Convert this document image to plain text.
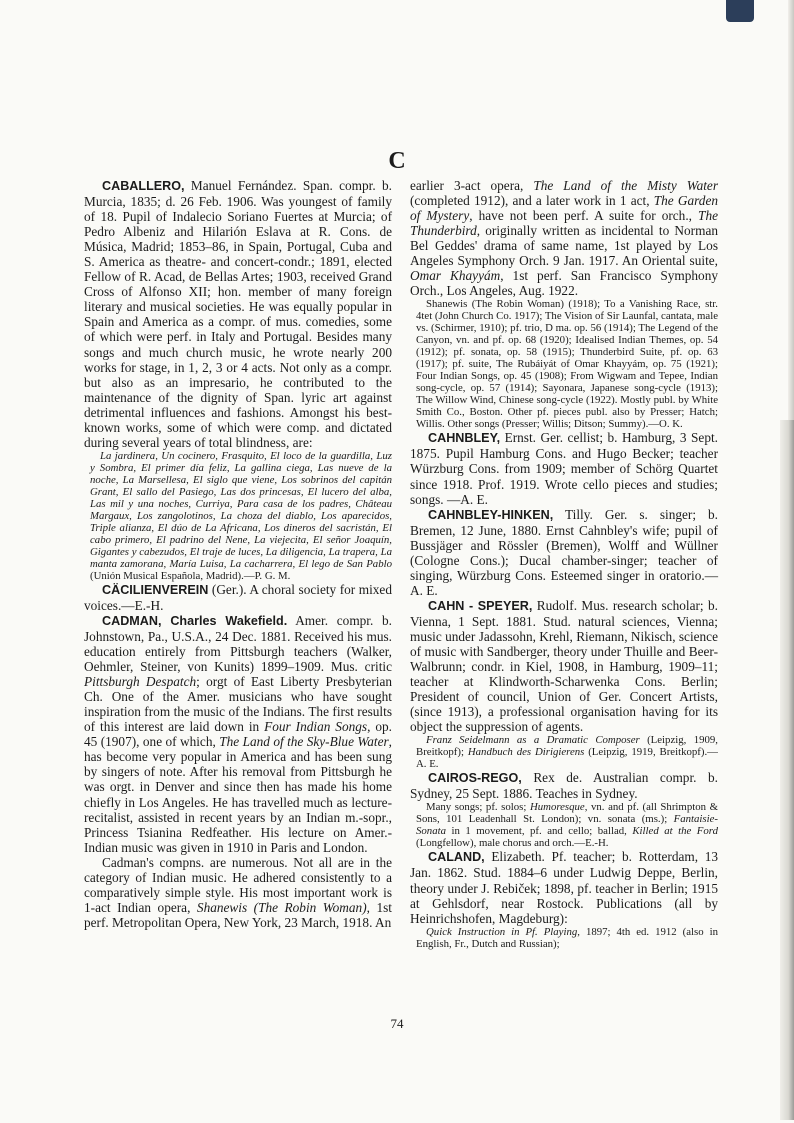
C

CABALLERO, Manuel Fernández. Span. compr. b. Murcia, 1835; d. 26 Feb. 1906. Was youngest of family of 18. Pupil of Indalecio Soriano Fuertes at Murcia; of Pedro Albeniz and Hilarión Eslava at R. Cons. de Música, Madrid; 1853–86, in Spain, Portugal, Cuba and S. America as theatre- and concert-condr.; 1891, elected Fellow of R. Acad, de Bellas Artes; 1903, received Grand Cross of Alfonso XII; hon. member of many foreign literary and musical societies. He was equally popular in Spain and America as a compr. of mus. comedies, some of which were perf. in Italy and Portugal. Besides many songs and much church music, he wrote nearly 200 works for stage, in 1, 2, 3 or 4 acts. Not only as a compr. but also as an impresario, he contributed to the maintenance of the dignity of Span. lyric art against detrimental influences and fashions. Amongst his best-known works, some of which were comp. and dictated during several years of total blindness, are:

La jardinera, Un cocinero, Frasquito, El loco de la guardilla, Luz y Sombra, El primer día feliz, La gallina ciega, Las nueve de la noche, La Marsellesa, El siglo que viene, Los sobrinos del capitán Grant, El sallo del Pasiego, Las dos princesas, El lucero del alba, Las mil y una noches, Curriya, Para casa de los padres, Château Margaux, Los zangolotinos, La choza del diablo, Los aparecidos, Triple alianza, El dúo de La Africana, Los dineros del sacristán, El cabo primero, El padrino del Nene, La viejecita, El señor Joaquín, Gigantes y cabezudos, El traje de luces, La diligencia, La trapera, La manta zamorana, María Luisa, La cacharrera, El lego de San Pablo (Unión Musical Española, Madrid).—P. G. M.

CÄCILIENVEREIN (Ger.). A choral society for mixed voices.—E.-H.

CADMAN, Charles Wakefield. Amer. compr. b. Johnstown, Pa., U.S.A., 24 Dec. 1881. Received his mus. education entirely from Pittsburgh teachers (Walker, Oehmler, Steiner, von Kunits) 1899–1909. Mus. critic Pittsburgh Despatch; orgt of East Liberty Presbyterian Ch. One of the Amer. musicians who have sought inspiration from the music of the Indians. The first results of this interest are laid down in Four Indian Songs, op. 45 (1907), one of which, The Land of the Sky-Blue Water, has become very popular in America and has been sung by singers of note. After his removal from Pittsburgh he was orgt. in Denver and since then has made his home chiefly in Los Angeles. He has travelled much as lecture-recitalist, assisted in recent years by an Indian m.-sopr., Princess Tsianina Redfeather. His lecture on Amer.-Indian music was given in 1910 in Paris and London.

Cadman's compns. are numerous. Not all are in the category of Indian music. He adhered consistently to a comparatively simple style. His most important work is 1-act Indian opera, Shanewis (The Robin Woman), 1st perf. Metropolitan Opera, New York, 23 March, 1918. An

earlier 3-act opera, The Land of the Misty Water (completed 1912), and a later work in 1 act, The Garden of Mystery, have not been perf. A suite for orch., The Thunderbird, originally written as incidental to Norman Bel Geddes' drama of same name, 1st played by Los Angeles Symphony Orch. 9 Jan. 1917. An Oriental suite, Omar Khayyám, 1st perf. San Francisco Symphony Orch., Los Angeles, Aug. 1922.

Shanewis (The Robin Woman) (1918); To a Vanishing Race, str. 4tet (John Church Co. 1917); The Vision of Sir Launfal, cantata, male vs. (Schirmer, 1910); pf. trio, D ma. op. 56 (1914); The Legend of the Canyon, vn. and pf. op. 68 (1920); Idealised Indian Themes, op. 54 (1912); pf. sonata, op. 58 (1915); Thunderbird Suite, pf. op. 63 (1917); pf. suite, The Rubáiyát of Omar Khayyám, op. 75 (1921); Four Indian Songs, op. 45 (1908); From Wigwam and Tepee, Indian song-cycle, op. 57 (1914); Sayonara, Japanese song-cycle (1913); The Willow Wind, Chinese song-cycle (1922). Mostly publ. by White Smith Co., Boston. Other pf. pieces publ. also by Presser; Hatch; Willis. Other songs (Presser; Willis; Ditson; Summy).—O. K.

CAHNBLEY, Ernst. Ger. cellist; b. Hamburg, 3 Sept. 1875. Pupil Hamburg Cons. and Hugo Becker; teacher Würzburg Cons. from 1909; member of Schörg Quartet since 1918. Prof. 1919. Wrote cello pieces and studies; songs. —A. E.

CAHNBLEY-HINKEN, Tilly. Ger. s. singer; b. Bremen, 12 June, 1880. Ernst Cahnbley's wife; pupil of Bussjäger and Rössler (Bremen), Wolff and Wüllner (Cologne Cons.); Ducal chamber-singer; teacher of singing, Würzburg Cons. Esteemed singer in oratorio.—A. E.

CAHN - SPEYER, Rudolf. Mus. research scholar; b. Vienna, 1 Sept. 1881. Stud. natural sciences, Vienna; music under Jadassohn, Krehl, Riemann, Nikisch, science of music with Sandberger, theory under Thuille and Beer-Walbrunn; condr. in Kiel, 1908, in Hamburg, 1909–11; teacher at Klindworth-Scharwenka Cons. Berlin; President of council, Union of Ger. Concert Artists, (since 1913), a professional organisation having for its object the suppression of agents.

Franz Seidelmann as a Dramatic Composer (Leipzig, 1909, Breitkopf); Handbuch des Dirigierens (Leipzig, 1919, Breitkopf).—A. E.

CAIROS-REGO, Rex de. Australian compr. b. Sydney, 25 Sept. 1886. Teaches in Sydney.

Many songs; pf. solos; Humoresque, vn. and pf. (all Shrimpton & Sons, 101 Leadenhall St. London); vn. sonata (ms.); Fantaisie-Sonata in 1 movement, pf. and cello; ballad, Killed at the Ford (Longfellow), male chorus and orch.—E.-H.

CALAND, Elizabeth. Pf. teacher; b. Rotterdam, 13 Jan. 1862. Stud. 1884–6 under Ludwig Deppe, Berlin, theory under J. Rebiček; 1898, pf. teacher in Berlin; 1915 at Gehlsdorf, near Rostock. Publications (all by Heinrichshofen, Magdeburg):

Quick Instruction in Pf. Playing, 1897; 4th ed. 1912 (also in English, Fr., Dutch and Russian);

74
